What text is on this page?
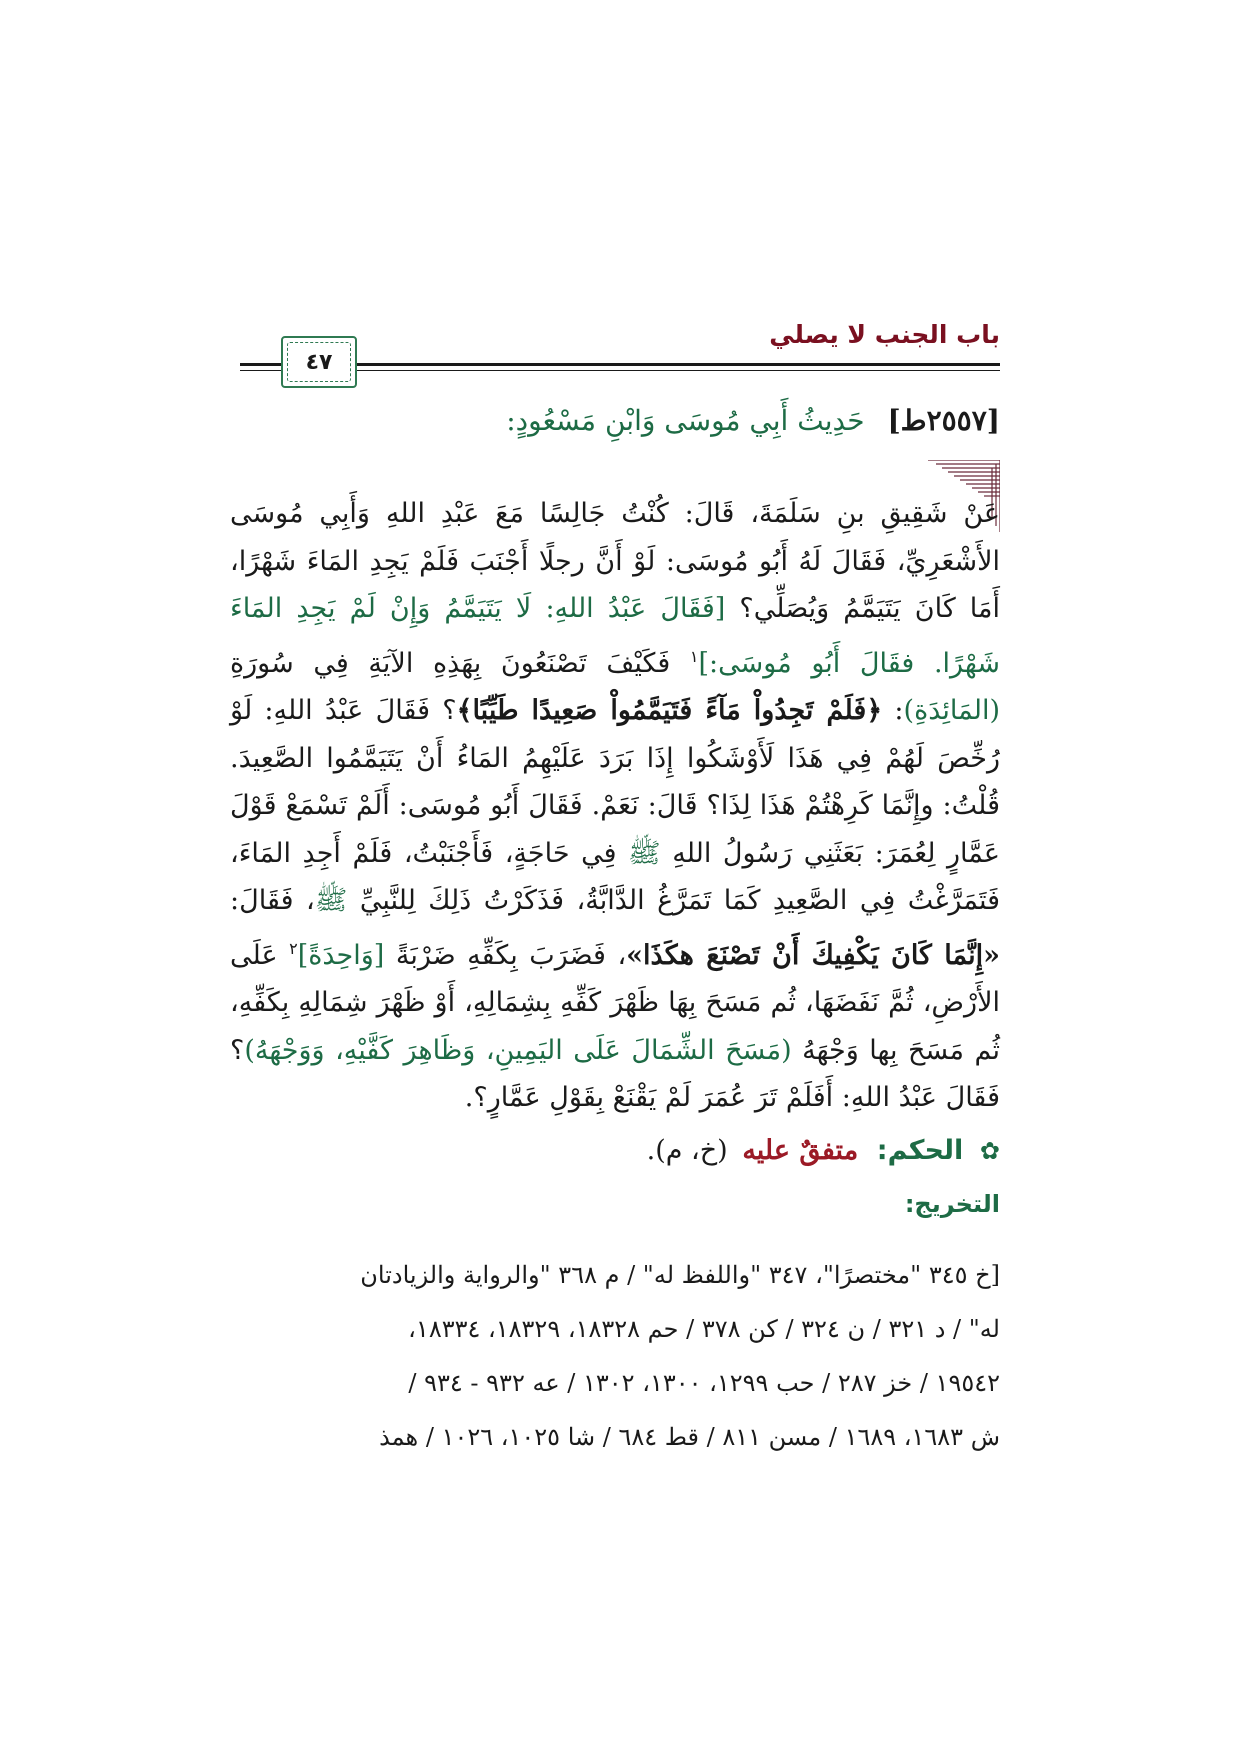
باب الجنب لا يصلي
٤٧
[٢٥٥٧ط] حَدِيثُ أَبِي مُوسَى وَابْنِ مَسْعُودٍ:

عَنْ شَقِيقِ بنِ سَلَمَةَ، قَالَ: كُنْتُ جَالِسًا مَعَ عَبْدِ اللهِ وَأَبِي مُوسَى الأَشْعَرِيِّ، فَقَالَ لَهُ أَبُو مُوسَى: لَوْ أَنَّ رجلًا أَجْنَبَ فَلَمْ يَجِدِ المَاءَ شَهْرًا، أَمَا كَانَ يَتَيَمَّمُ وَيُصَلِّي؟ [فَقَالَ عَبْدُ اللهِ: لَا يَتَيَمَّمُ وَإِنْ لَمْ يَجِدِ المَاءَ شَهْرًا. فقَالَ أَبُو مُوسَى:]$^١$ فَكَيْفَ تَصْنَعُونَ بِهَذِهِ الآيَةِ فِي سُورَةِ (المَائِدَةِ): ﴿فَلَمْ تَجِدُواْ مَآءً فَتَيَمَّمُواْ صَعِيدًا طَيِّبًا﴾؟ فَقَالَ عَبْدُ اللهِ: لَوْ رُخِّصَ لَهُمْ فِي هَذَا لَأَوْشَكُوا إِذَا بَرَدَ عَلَيْهِمُ المَاءُ أَنْ يَتَيَمَّمُوا الصَّعِيدَ. قُلْتُ: وإِنَّمَا كَرِهْتُمْ هَذَا لِذَا؟ قَالَ: نَعَمْ. فَقَالَ أَبُو مُوسَى: أَلَمْ تَسْمَعْ قَوْلَ عَمَّارٍ لِعُمَرَ: بَعَثَنِي رَسُولُ اللهِ ﷺ فِي حَاجَةٍ، فَأَجْنَبْتُ، فَلَمْ أَجِدِ المَاءَ، فَتَمَرَّغْتُ فِي الصَّعِيدِ كَمَا تَمَرَّغُ الدَّابَّةُ، فَذَكَرْتُ ذَلِكَ لِلنَّبِيِّ ﷺ، فَقَالَ: «إِنَّمَا كَانَ يَكْفِيكَ أَنْ تَصْنَعَ هكَذَا»، فَضَرَبَ بِكَفِّهِ ضَرْبَةً [وَاحِدَةً]$^٢$ عَلَى الأَرْضِ، ثُمَّ نَفَضَهَا، ثُم مَسَحَ بِهَا ظَهْرَ كَفِّهِ بِشِمَالِهِ، أَوْ ظَهْرَ شِمَالِهِ بِكَفِّهِ، ثُم مَسَحَ بِها وَجْهَهُ (مَسَحَ الشِّمَالَ عَلَى اليَمِينِ، وَظَاهِرَ كَفَّيْهِ، وَوَجْهَهُ)؟ فَقَالَ عَبْدُ اللهِ: أَفَلَمْ تَرَ عُمَرَ لَمْ يَقْنَعْ بِقَوْلِ عَمَّارٍ؟.

✿ الحكم: متفقٌ عليه (خ، م).
التخريج:

[خ ٣٤٥ "مختصرًا"، ٣٤٧ "واللفظ له" / م ٣٦٨ "والرواية والزيادتان
له" / د ٣٢١ / ن ٣٢٤ / كن ٣٧٨ / حم ١٨٣٢٨، ١٨٣٢٩، ١٨٣٣٤،
١٩٥٤٢ / خز ٢٨٧ / حب ١٢٩٩، ١٣٠٠، ١٣٠٢ / عه ٩٣٢ - ٩٣٤ /
ش ١٦٨٣، ١٦٨٩ / مسن ٨١١ / قط ٦٨٤ / شا ١٠٢٥، ١٠٢٦ / همذ
